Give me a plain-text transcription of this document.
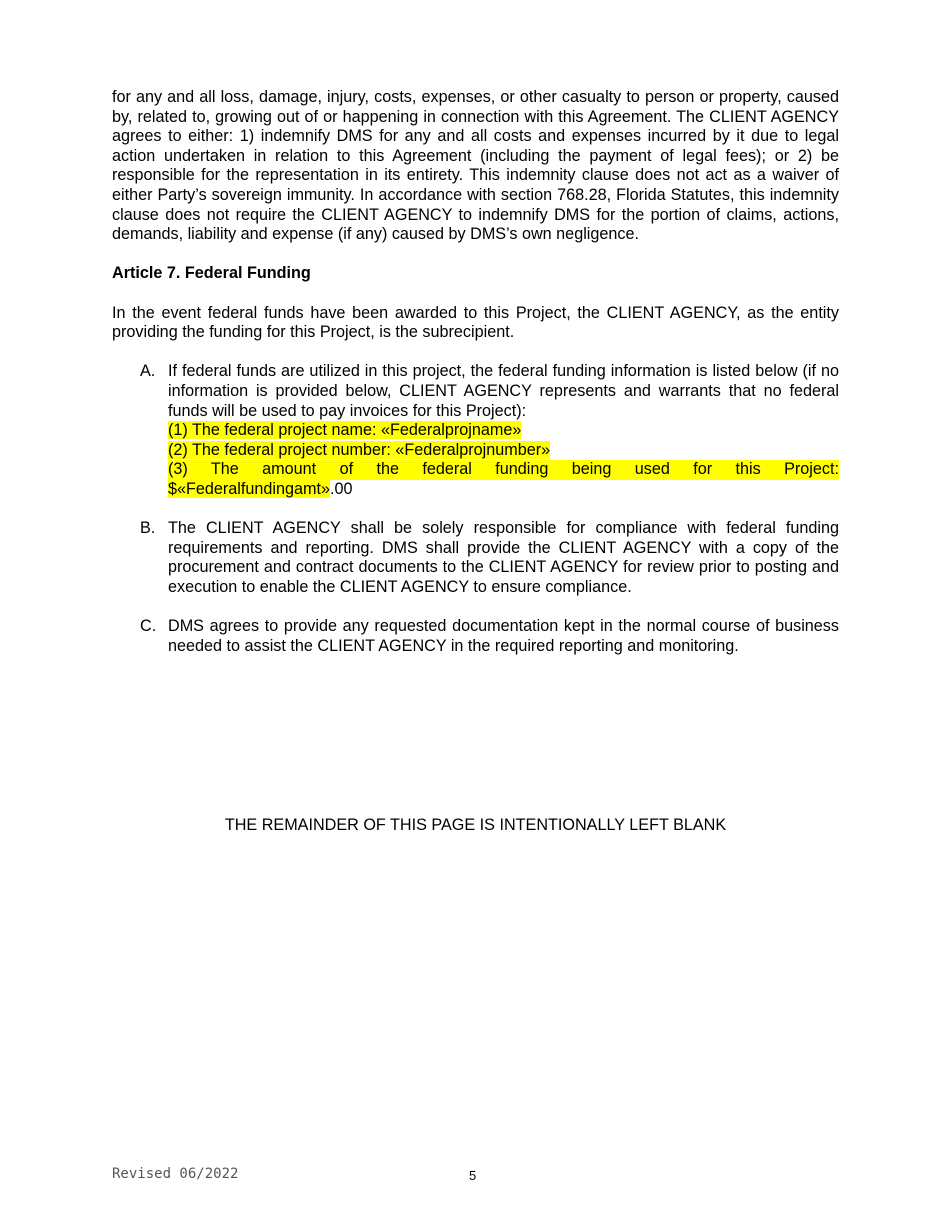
for any and all loss, damage, injury, costs, expenses, or other casualty to person or property, caused by, related to, growing out of or happening in connection with this Agreement. The CLIENT AGENCY agrees to either: 1) indemnify DMS for any and all costs and expenses incurred by it due to legal action undertaken in relation to this Agreement (including the payment of legal fees); or 2) be responsible for the representation in its entirety. This indemnity clause does not act as a waiver of either Party’s sovereign immunity. In accordance with section 768.28, Florida Statutes, this indemnity clause does not require the CLIENT AGENCY to indemnify DMS for the portion of claims, actions, demands, liability and expense (if any) caused by DMS’s own negligence.

Article 7. Federal Funding

In the event federal funds have been awarded to this Project, the CLIENT AGENCY, as the entity providing the funding for this Project, is the subrecipient.

A. If federal funds are utilized in this project, the federal funding information is listed below (if no information is provided below, CLIENT AGENCY represents and warrants that no federal funds will be used to pay invoices for this Project):
(1) The federal project name: «Federalprojname»
(2) The federal project number: «Federalprojnumber»
(3) The amount of the federal funding being used for this Project:
$«Federalfundingamt».00
B. The CLIENT AGENCY shall be solely responsible for compliance with federal funding requirements and reporting. DMS shall provide the CLIENT AGENCY with a copy of the procurement and contract documents to the CLIENT AGENCY for review prior to posting and execution to enable the CLIENT AGENCY to ensure compliance.
C. DMS agrees to provide any requested documentation kept in the normal course of business needed to assist the CLIENT AGENCY in the required reporting and monitoring.
THE REMAINDER OF THIS PAGE IS INTENTIONALLY LEFT BLANK
Revised 06/2022	5
